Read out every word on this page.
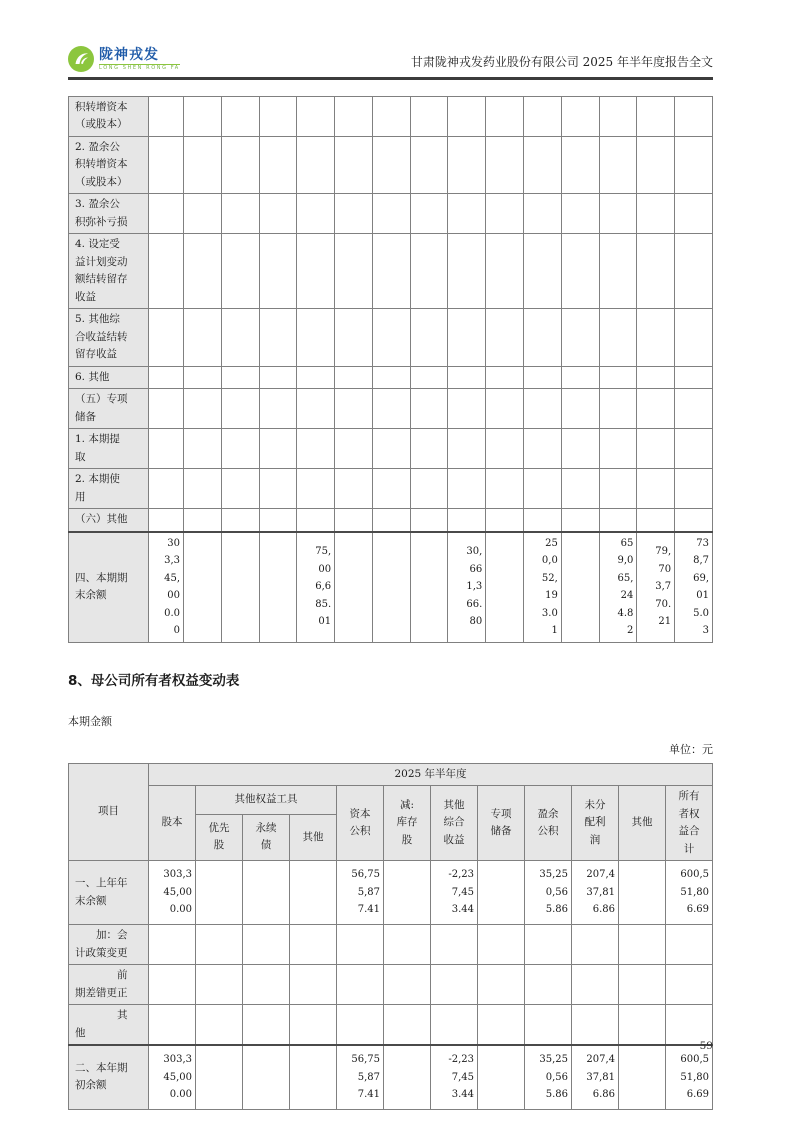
陇神戎发
LONG SHEN RONG FA	甘肃陇神戎发药业股份有限公司 2025 年半年度报告全文
积转增资本（或股本）															
2. 盈余公积转增资本（或股本）															
3. 盈余公积弥补亏损															
4. 设定受益计划变动额结转留存收益															
5. 其他综合收益结转留存收益															
6. 其他															
（五）专项储备															
1. 本期提取															
2. 本期使用															
（六）其他															
四、本期期末余额	303,345,000.00				75,006,685.01				30,661,366.80		250,052,193.01		659,065,244.82	79,703,770.21	738,769,015.03
8、母公司所有者权益变动表
本期金额
单位：元
项目	2025 年半年度											
	股本	其他权益工具			资本公积	减:库存股	其他综合收益	专项储备	盈余公积	未分配利润	其他	所有者权益合计
		优先股	永续债	其他								
一、上年年末余额	303,345,000.00				56,755,877.41		-2,237,453.44		35,250,565.86	207,437,816.86		600,551,806.69
加：会计政策变更												
前期差错更正												
其他												
二、本年期初余额	303,345,000.00				56,755,877.41		-2,237,453.44		35,250,565.86	207,437,816.86		600,551,806.69
59
